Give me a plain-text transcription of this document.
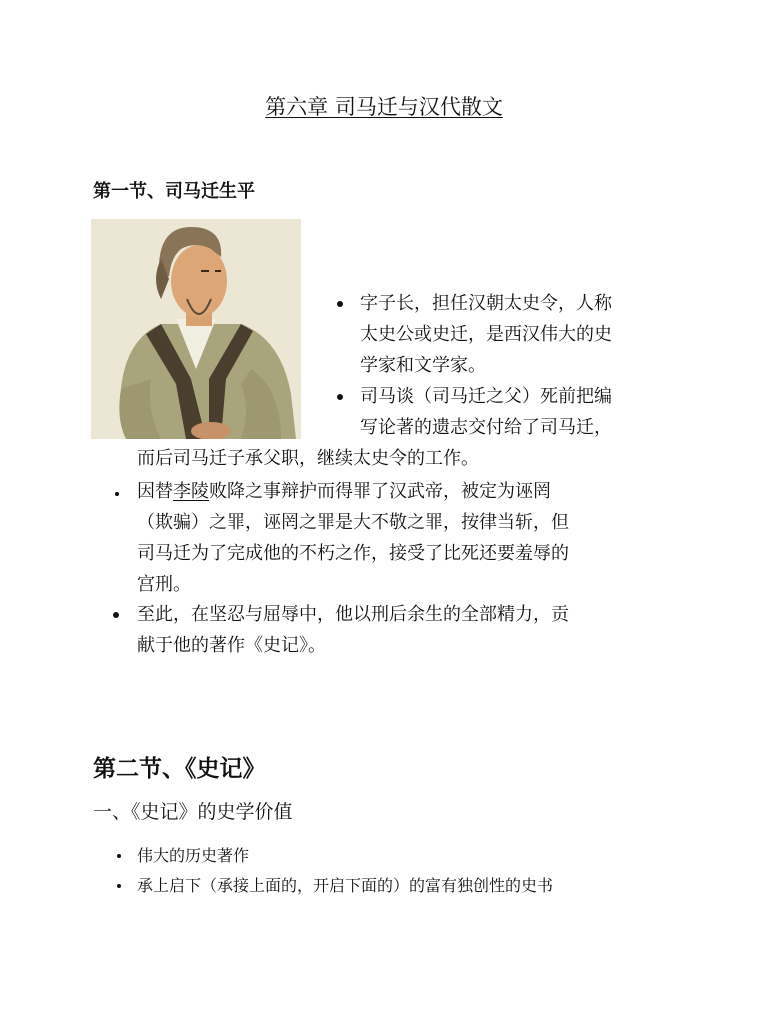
第六章 司马迁与汉代散文
第一节、司马迁生平
字子长，担任汉朝太史令，人称
太史公或史迁，是西汉伟大的史
学家和文学家。
司马谈（司马迁之父）死前把编
写论著的遗志交付给了司马迁，
而后司马迁子承父职，继续太史令的工作。
因替李陵败降之事辩护而得罪了汉武帝，被定为诬罔
（欺骗）之罪，诬罔之罪是大不敬之罪，按律当斩，但
司马迁为了完成他的不朽之作，接受了比死还要羞辱的
宫刑。
至此，在坚忍与屈辱中，他以刑后余生的全部精力，贡
献于他的著作《史记》。
第二节、《史记》
一、《史记》的史学价值
伟大的历史著作
承上启下（承接上面的，开启下面的）的富有独创性的史书
